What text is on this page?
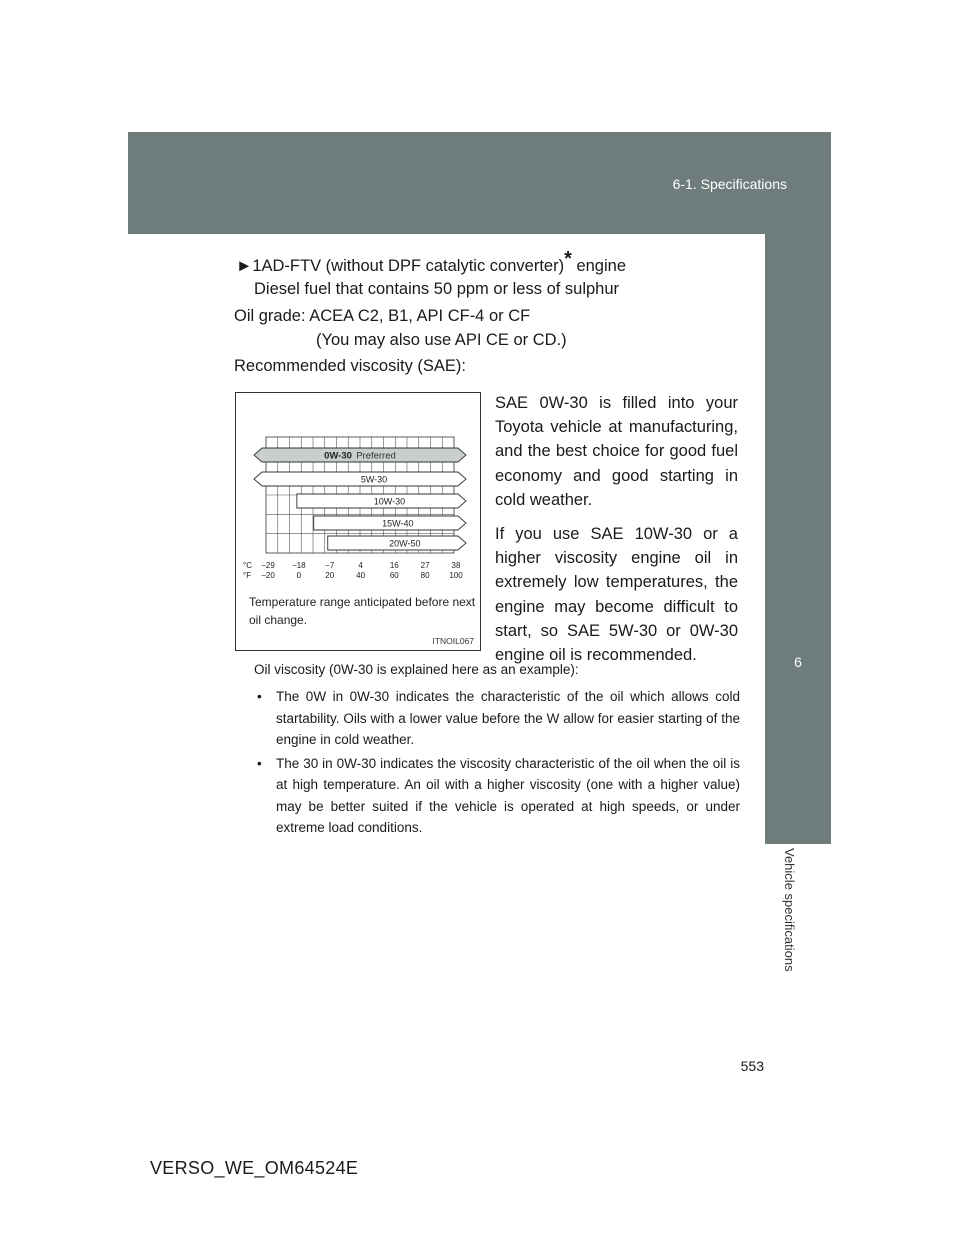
6-1. Specifications
6
Vehicle specifications
►1AD-FTV (without DPF catalytic converter)* engine
Diesel fuel that contains 50 ppm or less of sulphur
Oil grade: ACEA C2, B1, API CF-4 or CF
(You may also use API CE or CD.)
Recommended viscosity (SAE):
0W-30 Preferred
5W-30
10W-30
15W-40
20W-50
°C
°F
−29
−20
−18
0
−7
20
4
40
16
60
27
80
38
100
Temperature range anticipated before next oil change.
ITNOIL067

SAE 0W-30 is filled into your Toyota vehicle at manufacturing, and the best choice for good fuel economy and good starting in cold weather.

If you use SAE 10W-30 or a higher viscosity engine oil in extremely low temperatures, the engine may become difficult to start, so SAE 5W-30 or 0W-30 engine oil is recommended.

Oil viscosity (0W-30 is explained here as an example):
• The 0W in 0W-30 indicates the characteristic of the oil which allows cold startability. Oils with a lower value before the W allow for easier starting of the engine in cold weather.
• The 30 in 0W-30 indicates the viscosity characteristic of the oil when the oil is at high temperature. An oil with a higher viscosity (one with a higher value) may be better suited if the vehicle is operated at high speeds, or under extreme load conditions.
553
VERSO_WE_OM64524E
